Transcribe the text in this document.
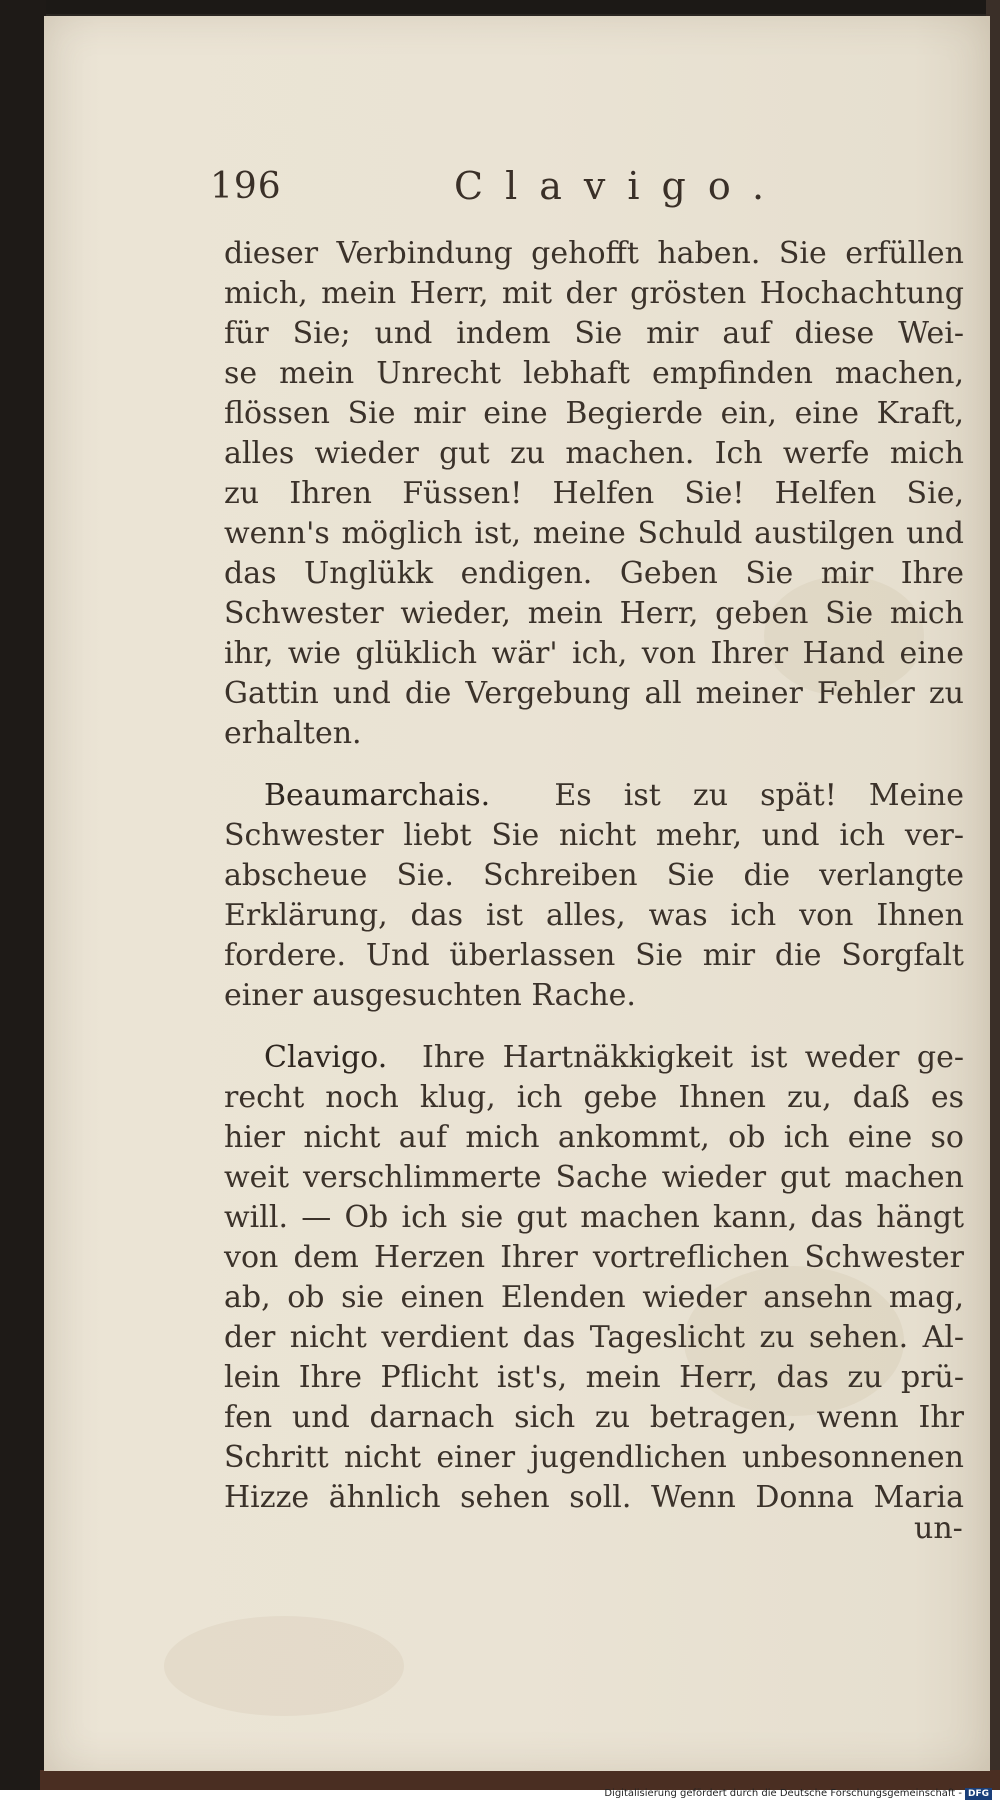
196	Clavigo.
dieser Verbindung gehofft haben. Sie erfüllen
mich, mein Herr, mit der grösten Hochachtung
für Sie; und indem Sie mir auf diese Wei-
se mein Unrecht lebhaft empfinden machen,
flössen Sie mir eine Begierde ein, eine Kraft,
alles wieder gut zu machen. Ich werfe mich
zu Ihren Füssen! Helfen Sie! Helfen Sie,
wenn's möglich ist, meine Schuld austilgen und
das Unglükk endigen. Geben Sie mir Ihre
Schwester wieder, mein Herr, geben Sie mich
ihr, wie glüklich wär' ich, von Ihrer Hand eine
Gattin und die Vergebung all meiner Fehler zu
erhalten.
Beaumarchais. Es ist zu spät! Meine
Schwester liebt Sie nicht mehr, und ich ver-
abscheue Sie. Schreiben Sie die verlangte
Erklärung, das ist alles, was ich von Ihnen
fordere. Und überlassen Sie mir die Sorgfalt
einer ausgesuchten Rache.
Clavigo. Ihre Hartnäkkigkeit ist weder ge-
recht noch klug, ich gebe Ihnen zu, daß es
hier nicht auf mich ankommt, ob ich eine so
weit verschlimmerte Sache wieder gut machen
will. — Ob ich sie gut machen kann, das hängt
von dem Herzen Ihrer vortreflichen Schwester
ab, ob sie einen Elenden wieder ansehn mag,
der nicht verdient das Tageslicht zu sehen. Al-
lein Ihre Pflicht ist's, mein Herr, das zu prü-
fen und darnach sich zu betragen, wenn Ihr
Schritt nicht einer jugendlichen unbesonnenen
Hizze ähnlich sehen soll. Wenn Donna Maria
un-
Digitalisierung gefördert durch die Deutsche Forschungsgemeinschaft - DFG
